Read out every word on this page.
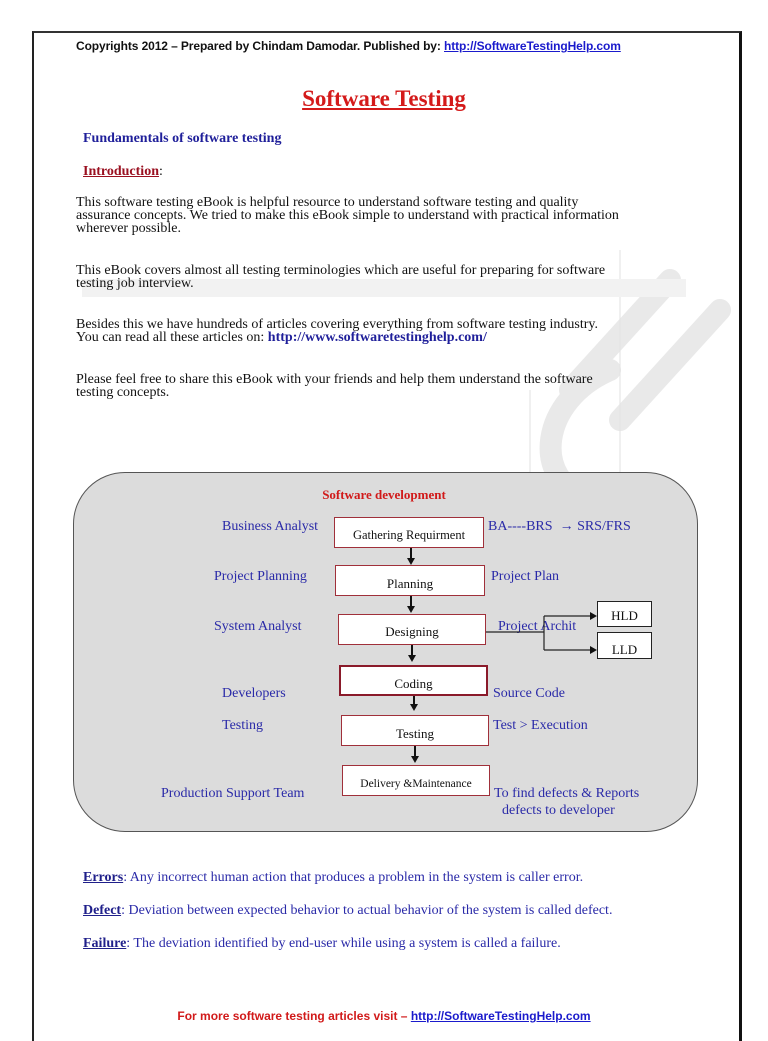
Copyrights 2012 – Prepared by Chindam Damodar. Published by: http://SoftwareTestingHelp.com
Software Testing
Fundamentals of software testing
Introduction:
This software testing eBook is helpful resource to understand software testing and quality
assurance concepts. We tried to make this eBook simple to understand with practical information
wherever possible.
This eBook covers almost all testing terminologies which are useful for preparing for software
testing job interview.
Besides this we have hundreds of articles covering everything from software testing industry.
You can read all these articles on: http://www.softwaretestinghelp.com/
Please feel free to share this eBook with your friends and help them understand the software
testing concepts.
Software development
Business Analyst
Gathering Requirment
BA----BRS → SRS/FRS
Project Planning	Planning	Project Plan
System Analyst	Designing	Project Archit
HLD
LLD
Developers
Coding
Source Code
Testing
Testing
Test > Execution
Production Support Team
Delivery &Maintenance
To find defects & Reports
defects to developer
Errors: Any incorrect human action that produces a problem in the system is caller error.
Defect: Deviation between expected behavior to actual behavior of the system is called defect.
Failure: The deviation identified by end-user while using a system is called a failure.
For more software testing articles visit – http://SoftwareTestingHelp.com
